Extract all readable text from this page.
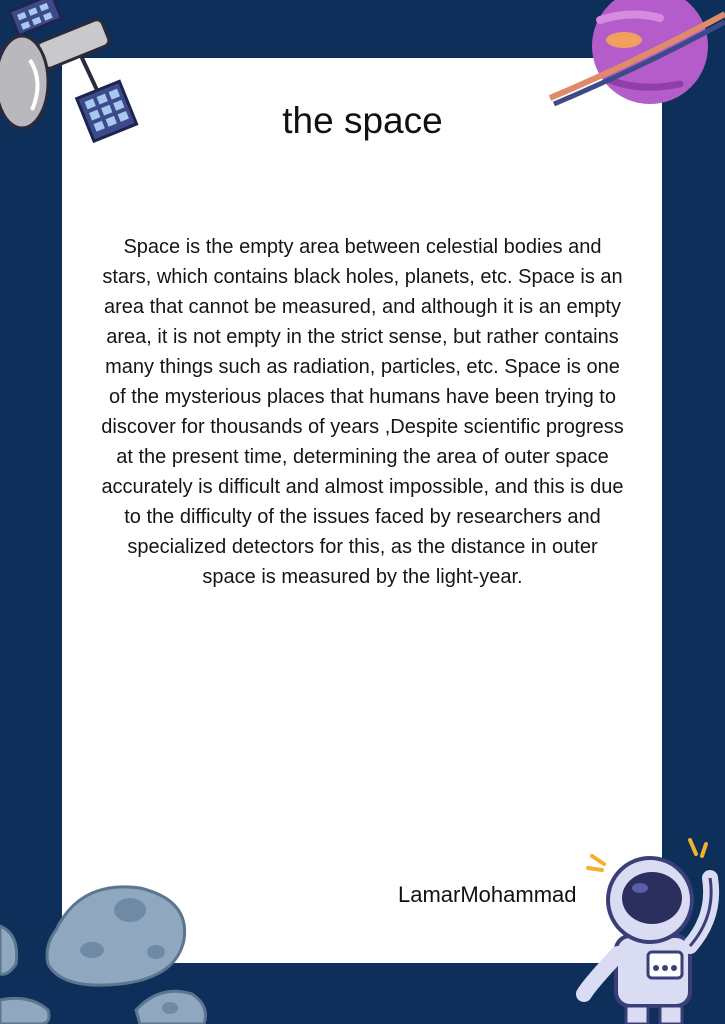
the space
Space is the empty area between celestial bodies and stars, which contains black holes, planets, etc. Space is an area that cannot be measured, and although it is an empty area, it is not empty in the strict sense, but rather contains many things such as radiation, particles, etc. Space is one of the mysterious places that humans have been trying to discover for thousands of years ,Despite scientific progress at the present time, determining the area of outer space accurately is difficult and almost impossible, and this is due to the difficulty of the issues faced by researchers and specialized detectors for this, as the distance in outer space is measured by the light-year.
LamarMohammad
